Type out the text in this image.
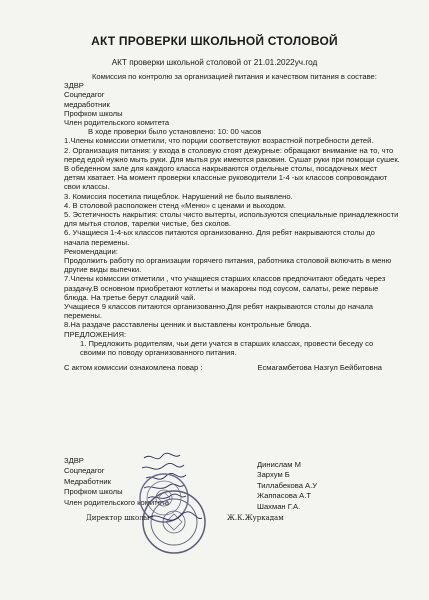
АКТ ПРОВЕРКИ ШКОЛЬНОЙ СТОЛОВОЙ
АКТ проверки школьной столовой от 21.01.2022уч.год

Комиссия по контролю за организацией питания и качеством питания в составе:

ЗДВР

Соцпедагог

медработник

Профком школы

Член родительского комитета

В ходе проверки было установлено: 10: 00 часов

1.Члены комиссии отметили, что порции соответствуют возрастной потребности детей.

2. Организация питания: у входа в столовую стоят дежурные: обращают внимание на то, что перед едой нужно мыть руки. Для мытья рук имеются раковин. Сушат руки при помощи сушек. В обеденном зале для каждого класса накрываются отдельные столы, посадочных мест детям хватает. На момент проверки классные руководители 1-4 -ых классов сопровождают свои классы.

3. Комиссия посетила пищеблок. Нарушений не было выявлено.

4. В столовой расположен стенд «Меню» с ценами и выходом.

5. Эстетичность накрытия: столы чисто вытерты, используются специальные принадлежности для мытья столов, тарелки чистые, без сколов.

6. Учащиеся 1-4-ых классов питаются организованно. Для ребят накрываются столы до начала перемены.

Рекомендации:

Продолжить работу по организации горячего питания, работника столовой включить в меню другие виды выпечки.

7.Члены комиссии отметили , что учащиеся старших классов предпочитают обедать через раздачу.В основном приобретают котлеты и макароны под соусом, салаты, реже первые блюда. На третье берут сладкий чай.

Учащиеся 9 классов питаются организованно.Для ребят накрываются столы до начала перемены.

8.На раздаче расставлены ценник и выставлены контрольные блюда.

ПРЕДЛОЖЕНИЯ:

1. Предложить родителям, чьи дети учатся в старших классах, провести беседу со своими по поводу организованного питания.

С актом комиссии ознакомлена повар :	Есмагамбетова Назгул Бейбитовна

ЗДВР
Соцпедагог
Медработник
Профком школы
Член родительского комитета
Динислам М
Зархум Б
Тиллабекова А.У
Жаппасова А.Т
Шахман Г.А.
Директор школы :	Ж.К.Журкадам
